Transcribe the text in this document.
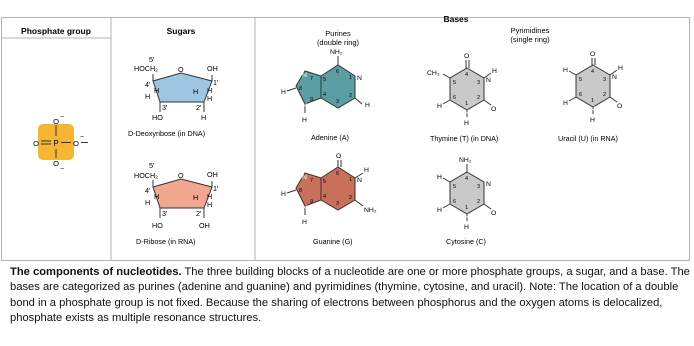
Phosphate group	Sugars
Bases
Purines
(double ring)
Pyrimidines
(single ring)
P
O −
O	O
−
O
−
5'
HOCH₂	O	OH
4'
H
H
1'
H
H
H
3'	2'
HO	H
D-Deoxyribose (in DNA)
5'
HOCH₂	O	OH
4'
H
H
1'
H
H
H
3'	2'
HO	OH
D-Ribose (in RNA)
NH₂
N
N
N
N	H
H
H
6
1
2
3
4
5
7
8
9
Adenine (A)
O
N
H
NH₂
N
N
N
H
H
6
1
2
3
4
5
7
8
9
Guanine (G)
O
CH₃
N
H
O
N
H
H
4
3
2
5
6
1
Thymine (T) (in DNA)
O
H
N
H
O
N
H
H
4
3
2
5
6
1
Uracil (U) (in RNA)
NH₂
H
N
O
N
H
H
4
3
2
5
6
1
Cytosine (C)
The components of nucleotides. The three building blocks of a nucleotide are one or more phosphate groups, a sugar, and a base. The bases are categorized as purines (adenine and guanine) and pyrimidines (thymine, cytosine, and uracil). Note: The location of a double bond in a phosphate group is not fixed. Because the sharing of electrons between phosphorus and the oxygen atoms is delocalized, phosphate exists as multiple resonance structures.
